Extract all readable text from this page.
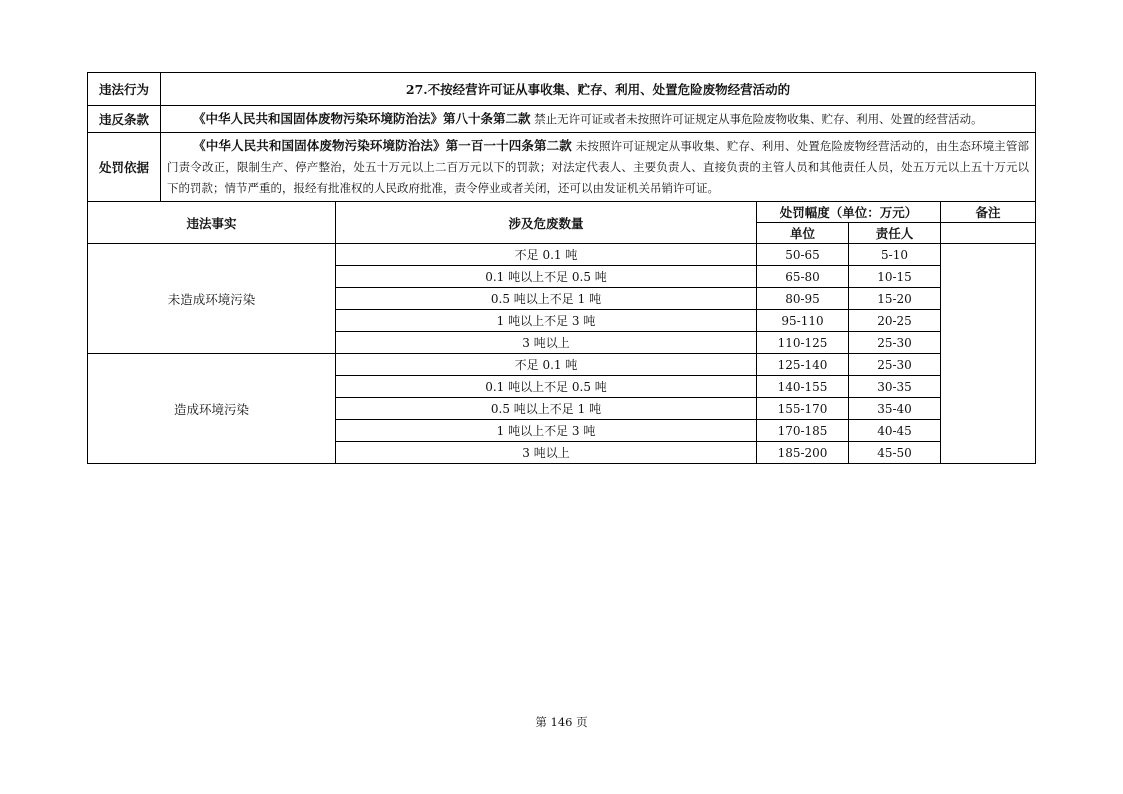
违法行为	27.不按经营许可证从事收集、贮存、利用、处置危险废物经营活动的
违反条款	《中华人民共和国固体废物污染环境防治法》第八十条第二款 禁止无许可证或者未按照许可证规定从事危险废物收集、贮存、利用、处置的经营活动。
处罚依据	《中华人民共和国固体废物污染环境防治法》第一百一十四条第二款 未按照许可证规定从事收集、贮存、利用、处置危险废物经营活动的，由生态环境主管部门责令改正，限制生产、停产整治，处五十万元以上二百万元以下的罚款；对法定代表人、主要负责人、直接负责的主管人员和其他责任人员，处五万元以上五十万元以下的罚款；情节严重的，报经有批准权的人民政府批准，责令停业或者关闭，还可以由发证机关吊销许可证。
违法事实	涉及危废数量	处罚幅度（单位：万元）		备注
		单位	责任人	
未造成环境污染	不足 0.1 吨	50-65	5-10	
	0.1 吨以上不足 0.5 吨	65-80	10-15	
	0.5 吨以上不足 1 吨	80-95	15-20	
	1 吨以上不足 3 吨	95-110	20-25	
	3 吨以上	110-125	25-30	
造成环境污染	不足 0.1 吨	125-140	25-30	
	0.1 吨以上不足 0.5 吨	140-155	30-35	
	0.5 吨以上不足 1 吨	155-170	35-40	
	1 吨以上不足 3 吨	170-185	40-45	
	3 吨以上	185-200	45-50	
第 146 页
